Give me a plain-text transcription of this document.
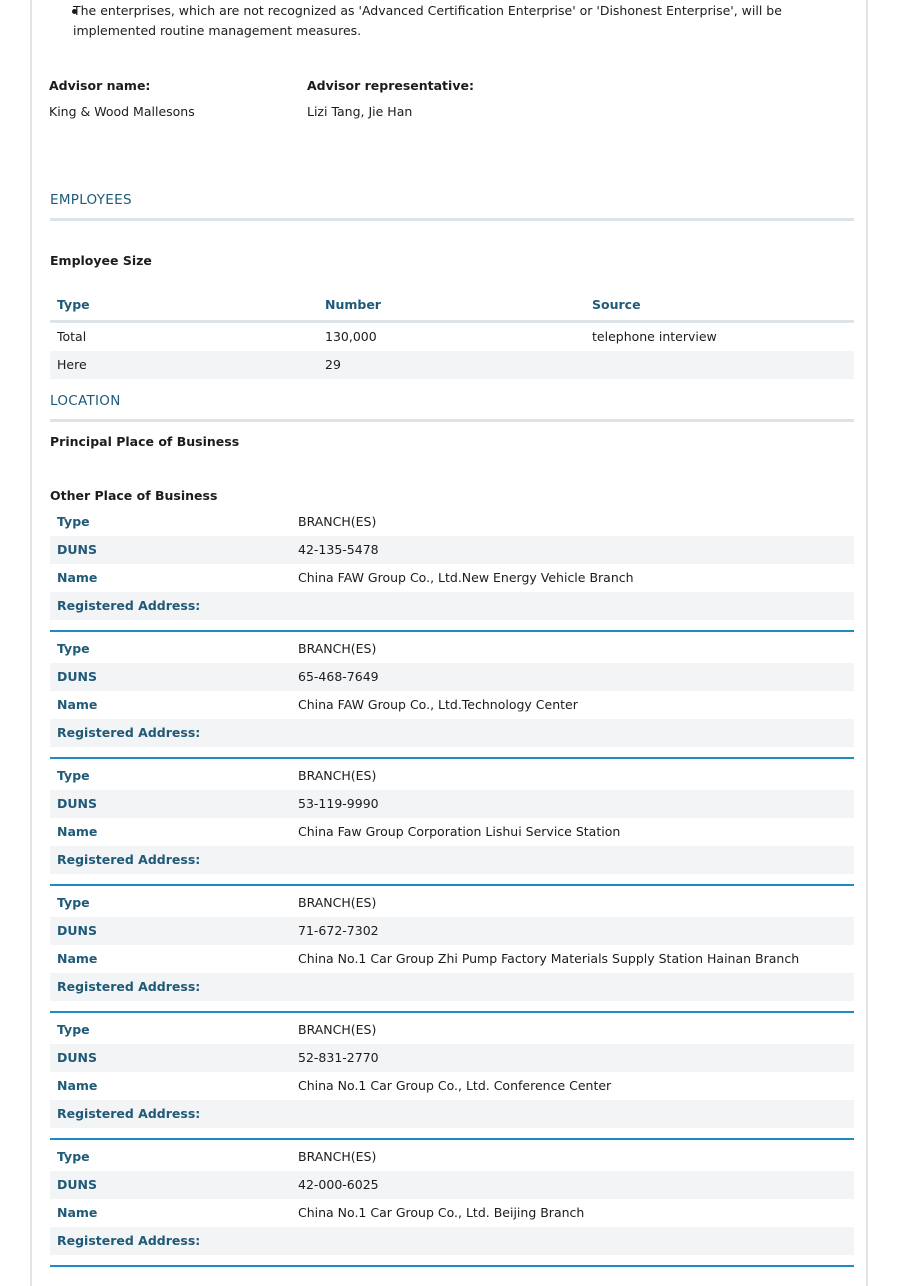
The enterprises, which are not recognized as 'Advanced Certification Enterprise' or 'Dishonest Enterprise', will be implemented routine management measures.
Advisor name:
King & Wood Mallesons
Advisor representative:
Lizi Tang, Jie Han
EMPLOYEES
Employee Size
Type	Number	Source
Total	130,000	telephone interview
Here	29
LOCATION
Principal Place of Business
Other Place of Business
Type	BRANCH(ES)
DUNS	42-135-5478
Name	China FAW Group Co., Ltd.New Energy Vehicle Branch
Registered Address:
Type	BRANCH(ES)
DUNS	65-468-7649
Name	China FAW Group Co., Ltd.Technology Center
Registered Address:
Type	BRANCH(ES)
DUNS	53-119-9990
Name	China Faw Group Corporation Lishui Service Station
Registered Address:
Type	BRANCH(ES)
DUNS	71-672-7302
Name	China No.1 Car Group Zhi Pump Factory Materials Supply Station Hainan Branch
Registered Address:
Type	BRANCH(ES)
DUNS	52-831-2770
Name	China No.1 Car Group Co., Ltd. Conference Center
Registered Address:
Type	BRANCH(ES)
DUNS	42-000-6025
Name	China No.1 Car Group Co., Ltd. Beijing Branch
Registered Address:
